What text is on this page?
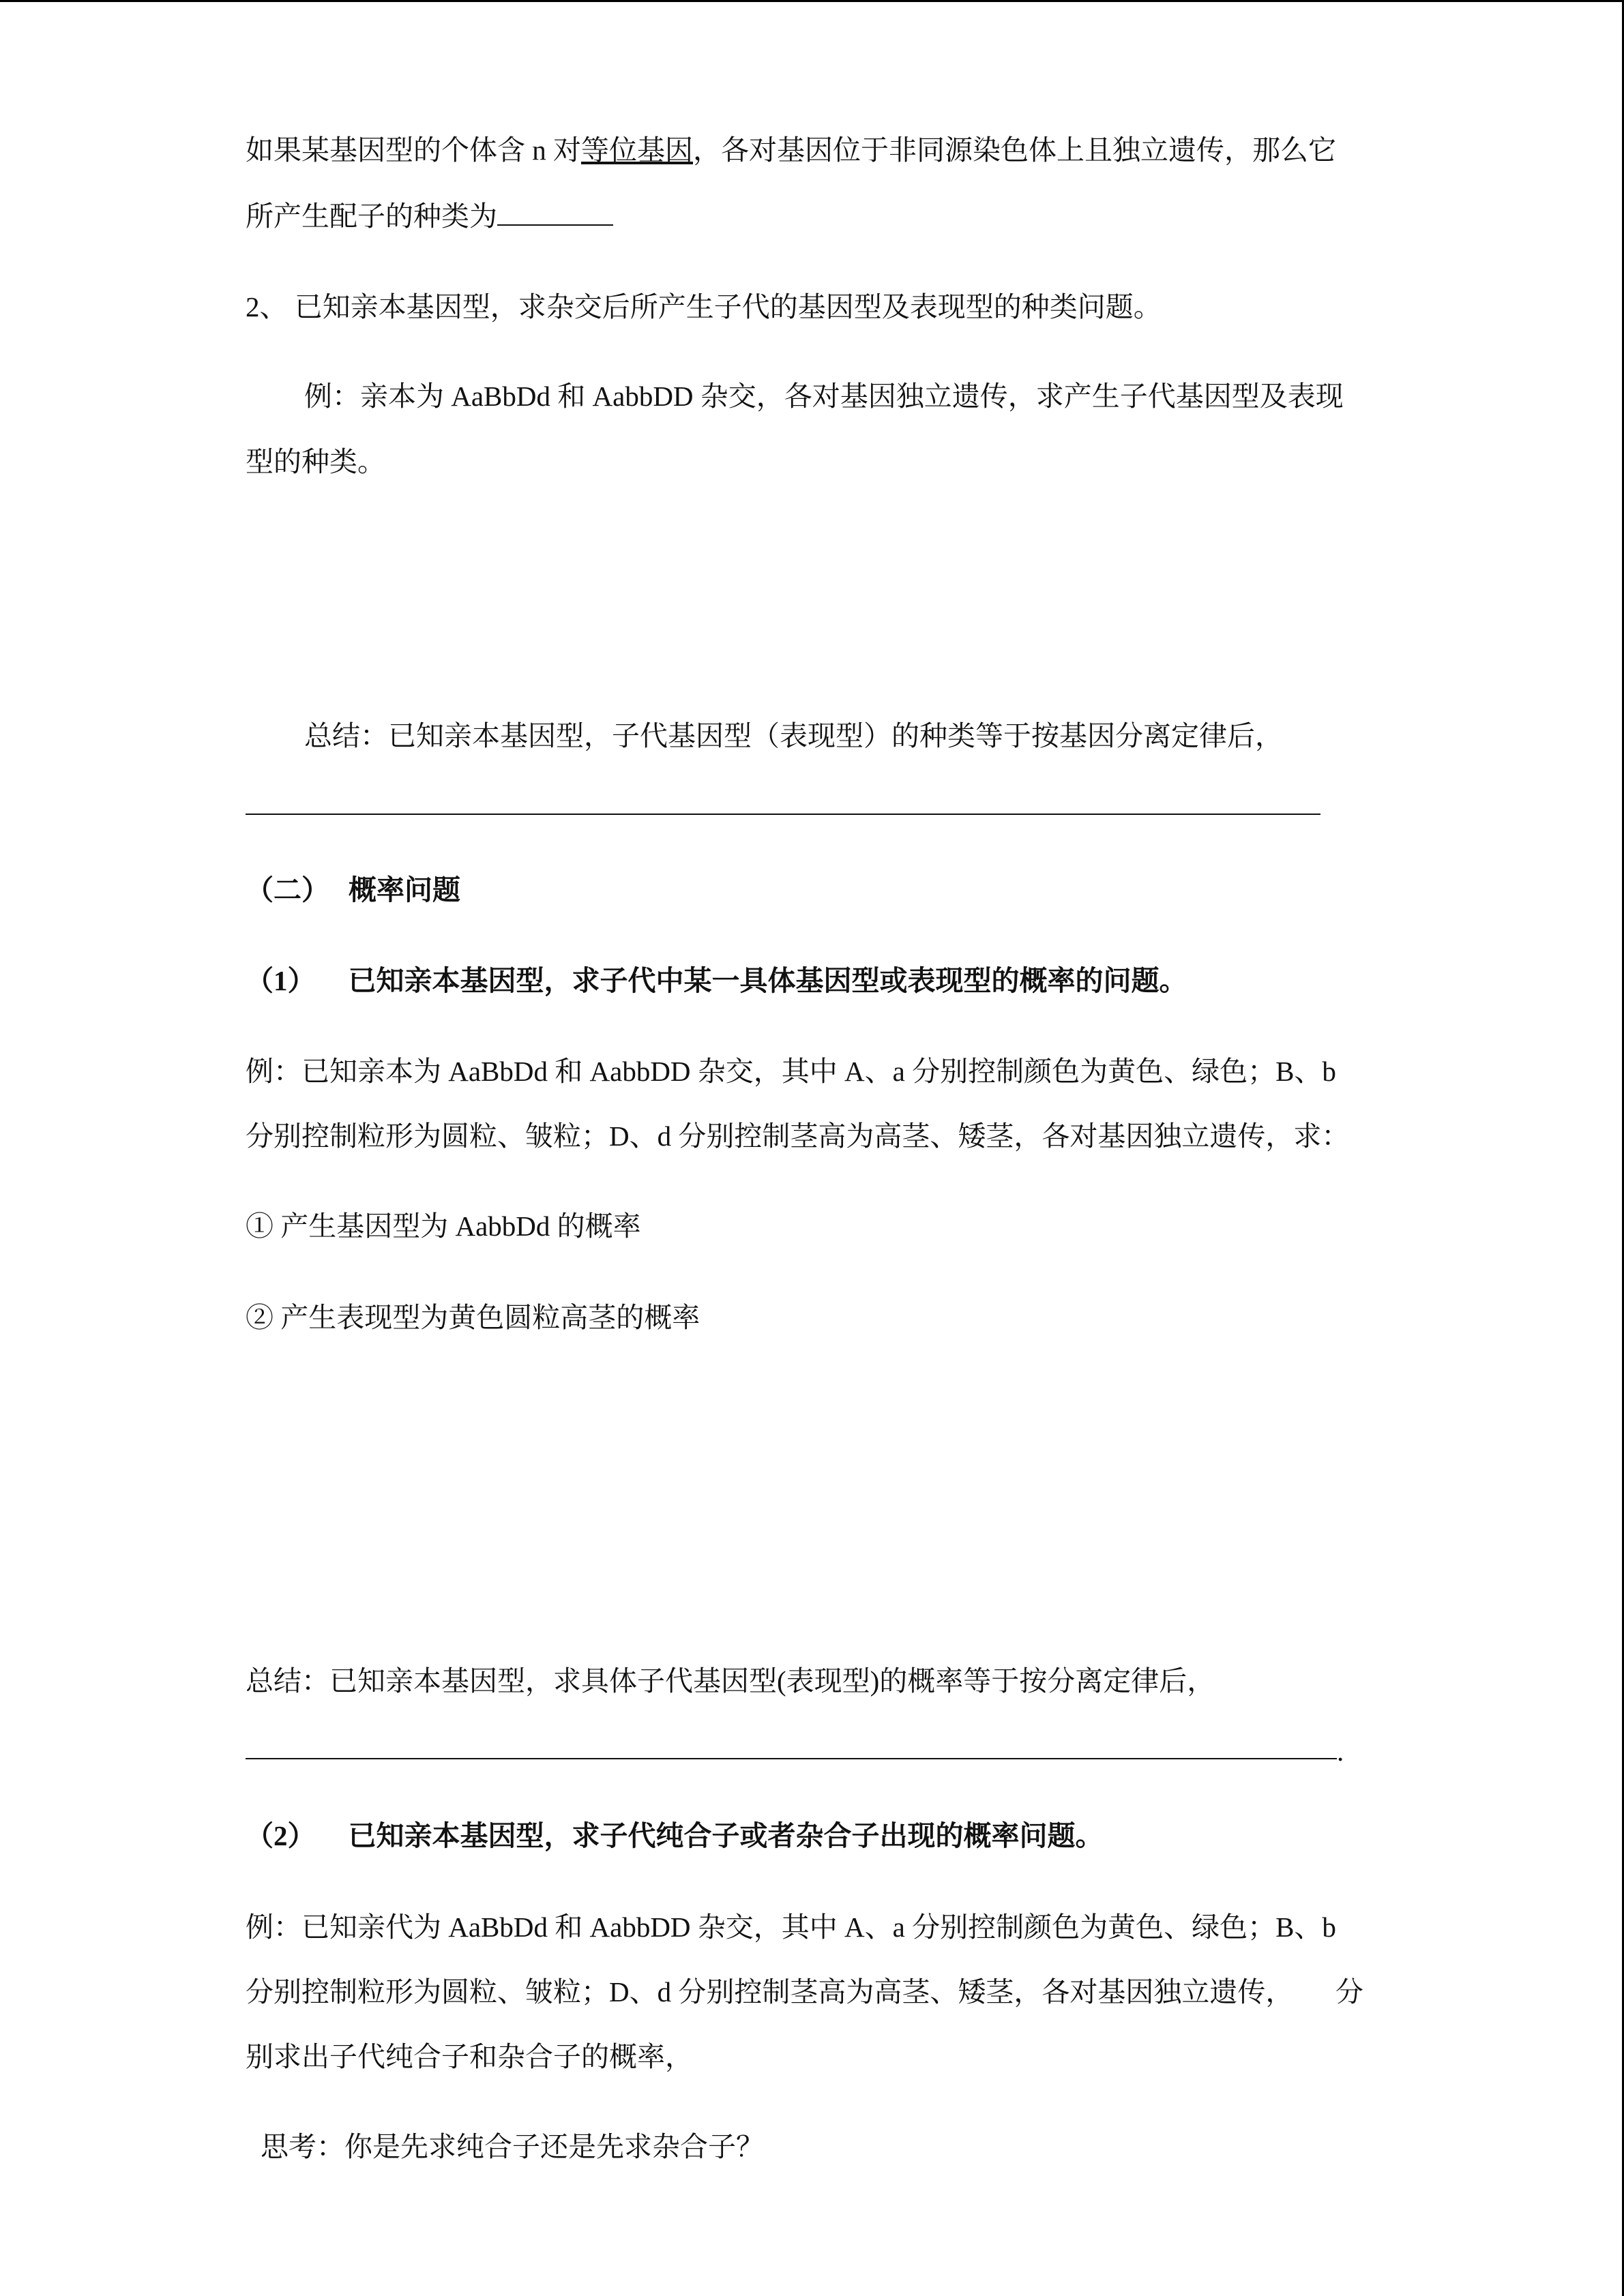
如果某基因型的个体含 n 对等位基因，各对基因位于非同源染色体上且独立遗传，那么它
所产生配子的种类为
2、 已知亲本基因型，求杂交后所产生子代的基因型及表现型的种类问题。
例：亲本为 AaBbDd 和 AabbDD 杂交，各对基因独立遗传，求产生子代基因型及表现
型的种类。
总结：已知亲本基因型，子代基因型（表现型）的种类等于按基因分离定律后，
（二） 概率问题
（1） 已知亲本基因型，求子代中某一具体基因型或表现型的概率的问题。
例：已知亲本为 AaBbDd 和 AabbDD 杂交，其中 A、a 分别控制颜色为黄色、绿色；B、b
分别控制粒形为圆粒、皱粒；D、d 分别控制茎高为高茎、矮茎，各对基因独立遗传，求：
① 产生基因型为 AabbDd 的概率
② 产生表现型为黄色圆粒高茎的概率
总结：已知亲本基因型，求具体子代基因型(表现型)的概率等于按分离定律后，
.
（2） 已知亲本基因型，求子代纯合子或者杂合子出现的概率问题。
例：已知亲代为 AaBbDd 和 AabbDD 杂交，其中 A、a 分别控制颜色为黄色、绿色；B、b
分别控制粒形为圆粒、皱粒；D、d 分别控制茎高为高茎、矮茎，各对基因独立遗传，      分
别求出子代纯合子和杂合子的概率，
思考：你是先求纯合子还是先求杂合子？
